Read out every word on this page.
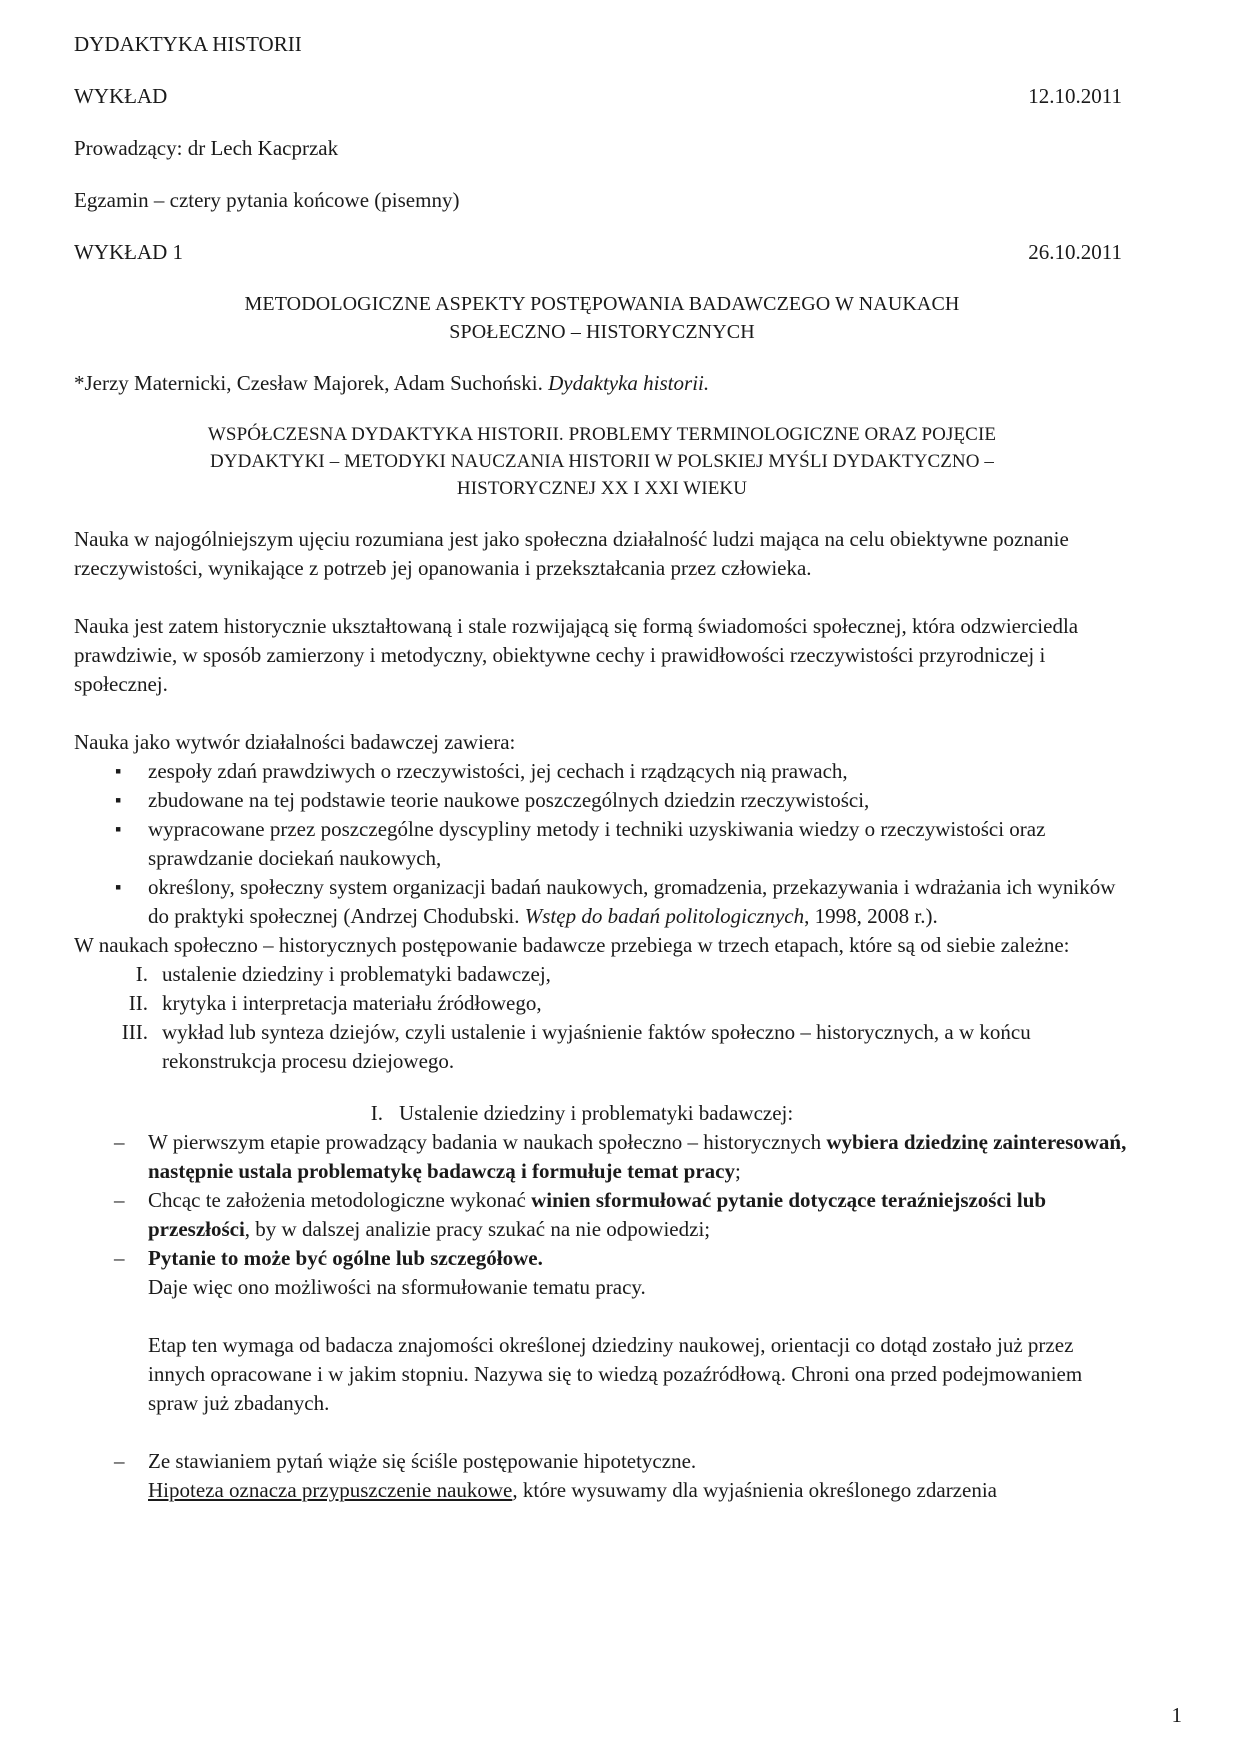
DYDAKTYKA HISTORII

WYKŁAD	12.10.2011

Prowadzący: dr Lech Kacprzak

Egzamin – cztery pytania końcowe (pisemny)

WYKŁAD 1	26.10.2011
METODOLOGICZNE ASPEKTY POSTĘPOWANIA BADAWCZEGO W NAUKACH
SPOŁECZNO – HISTORYCZNYCH

*Jerzy Maternicki, Czesław Majorek, Adam Suchoński. Dydaktyka historii.

WSPÓŁCZESNA DYDAKTYKA HISTORII. PROBLEMY TERMINOLOGICZNE ORAZ POJĘCIE
DYDAKTYKI – METODYKI NAUCZANIA HISTORII W POLSKIEJ MYŚLI DYDAKTYCZNO –
HISTORYCZNEJ XX I XXI WIEKU

Nauka w najogólniejszym ujęciu rozumiana jest jako społeczna działalność ludzi mająca na celu obiektywne poznanie rzeczywistości, wynikające z potrzeb jej opanowania i przekształcania przez człowieka.

Nauka jest zatem historycznie ukształtowaną i stale rozwijającą się formą świadomości społecznej, która odzwierciedla prawdziwie, w sposób zamierzony i metodyczny, obiektywne cechy i prawidłowości rzeczywistości przyrodniczej i społecznej.

Nauka jako wytwór działalności badawczej zawiera:

▪ zespoły zdań prawdziwych o rzeczywistości, jej cechach i rządzących nią prawach,
▪ zbudowane na tej podstawie teorie naukowe poszczególnych dziedzin rzeczywistości,
▪ wypracowane przez poszczególne dyscypliny metody i techniki uzyskiwania wiedzy o rzeczywistości oraz sprawdzanie dociekań naukowych,
▪ określony, społeczny system organizacji badań naukowych, gromadzenia, przekazywania i wdrażania ich wyników do praktyki społecznej (Andrzej Chodubski. Wstęp do badań politologicznych, 1998, 2008 r.).

W naukach społeczno – historycznych postępowanie badawcze przebiega w trzech etapach, które są od siebie zależne:

I. ustalenie dziedziny i problematyki badawczej,
II. krytyka i interpretacja materiału źródłowego,
III. wykład lub synteza dziejów, czyli ustalenie i wyjaśnienie faktów społeczno – historycznych, a w końcu rekonstrukcja procesu dziejowego.

I. Ustalenie dziedziny i problematyki badawczej:

– W pierwszym etapie prowadzący badania w naukach społeczno – historycznych wybiera dziedzinę zainteresowań, następnie ustala problematykę badawczą i formułuje temat pracy;
– Chcąc te założenia metodologiczne wykonać winien sformułować pytanie dotyczące teraźniejszości lub przeszłości, by w dalszej analizie pracy szukać na nie odpowiedzi;
– Pytanie to może być ogólne lub szczegółowe.
Daje więc ono możliwości na sformułowanie tematu pracy.
Etap ten wymaga od badacza znajomości określonej dziedziny naukowej, orientacji co dotąd zostało już przez innych opracowane i w jakim stopniu. Nazywa się to wiedzą pozaźródłową. Chroni ona przed podejmowaniem spraw już zbadanych.
– Ze stawianiem pytań wiąże się ściśle postępowanie hipotetyczne.
Hipoteza oznacza przypuszczenie naukowe, które wysuwamy dla wyjaśnienia określonego zdarzenia
1
